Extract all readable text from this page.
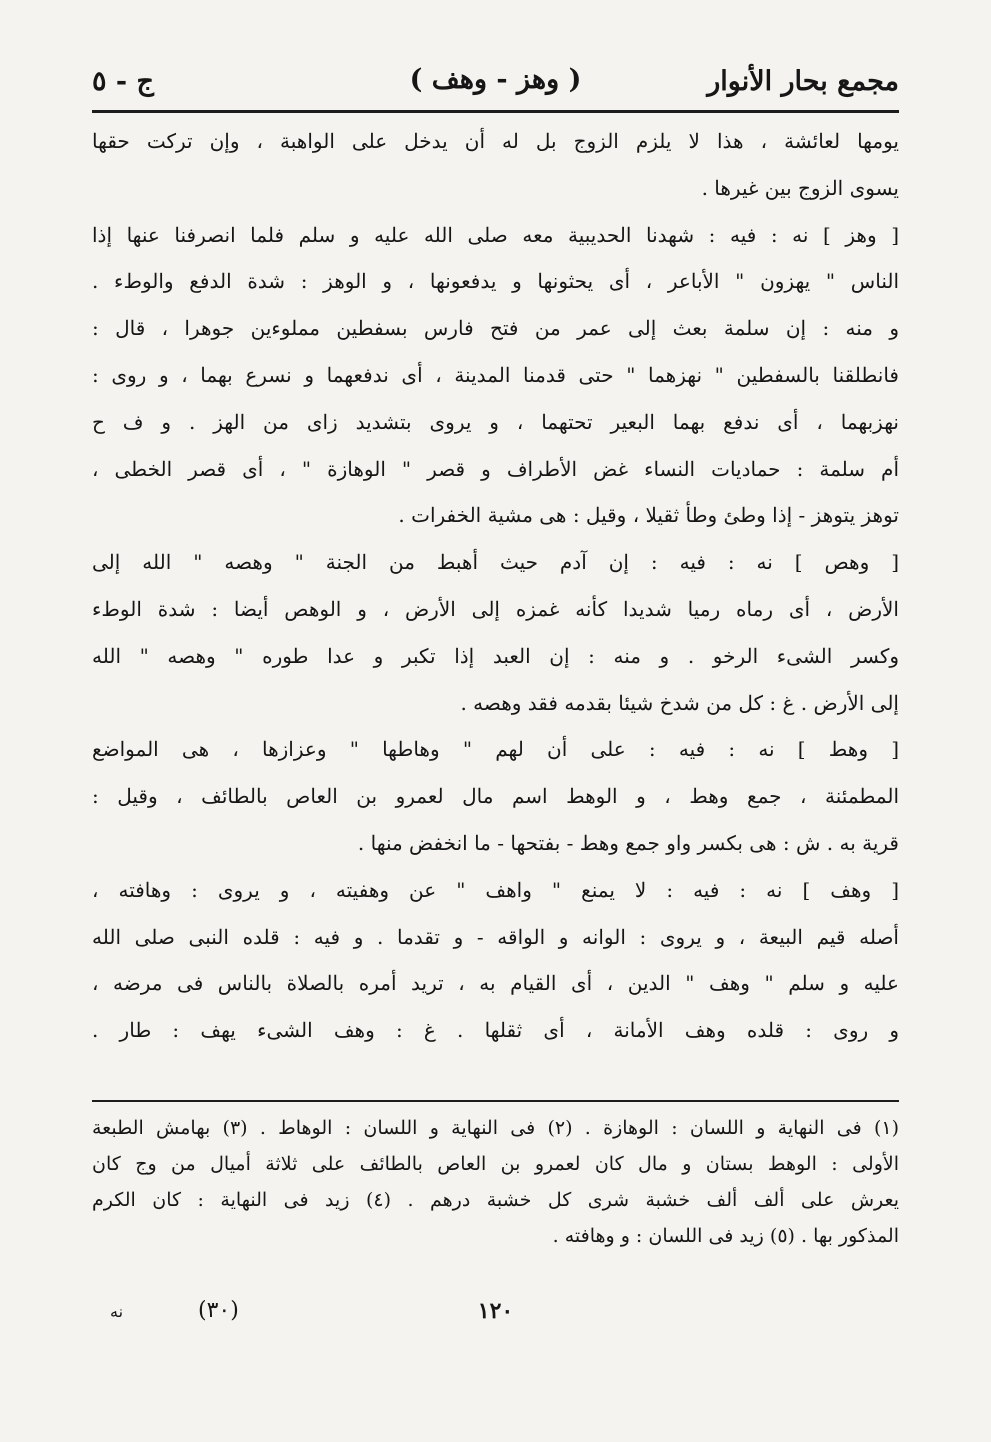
مجمع بحار الأنوار
( وهز - وهف )
ج - ٥
يومها لعائشة ، هذا لا يلزم الزوج بل له أن يدخل على الواهبة ، وإن تركت حقها
يسوى الزوج بين غيرها .
[ وهز ] نه : فيه : شهدنا الحديبية معه صلى الله عليه و سلم فلما انصرفنا عنها إذا
الناس " يهزون " الأباعر ، أى يحثونها و يدفعونها ، و الوهز : شدة الدفع والوطء .
و منه : إن سلمة بعث إلى عمر من فتح فارس بسفطين مملوءين جوهرا ، قال :
فانطلقنا بالسفطين " نهزهما " حتى قدمنا المدينة ، أى ندفعهما و نسرع بهما ، و روى :
نهزبهما ، أى ندفع بهما البعير تحتهما ، و يروى بتشديد زاى من الهز . و ف ح
أم سلمة : حماديات النساء غض الأطراف و قصر " الوهازة " ، أى قصر الخطى ،
توهز يتوهز - إذا وطئ وطأ ثقيلا ، وقيل : هى مشية الخفرات .
[ وهص ] نه : فيه : إن آدم حيث أهبط من الجنة " وهصه " الله إلى
الأرض ، أى رماه رميا شديدا كأنه غمزه إلى الأرض ، و الوهص أيضا : شدة الوطء
وكسر الشىء الرخو . و منه : إن العبد إذا تكبر و عدا طوره " وهصه " الله
إلى الأرض . غ : كل من شدخ شيئا بقدمه فقد وهصه .
[ وهط ] نه : فيه : على أن لهم " وهاطها " وعزازها ، هى المواضع
المطمئنة ، جمع وهط ، و الوهط اسم مال لعمرو بن العاص بالطائف ، وقيل :
قرية به . ش : هى بكسر واو جمع وهط - بفتحها - ما انخفض منها .
[ وهف ] نه : فيه : لا يمنع " واهف " عن وهفيته ، و يروى : وهافته ،
أصله قيم البيعة ، و يروى : الوانه و الواقه - و تقدما . و فيه : قلده النبى صلى الله
عليه و سلم " وهف " الدين ، أى القيام به ، تريد أمره بالصلاة بالناس فى مرضه ،
و روى : قلده وهف الأمانة ، أى ثقلها . غ : وهف الشىء يهف : طار .
(١) فى النهاية و اللسان : الوهازة . (٢) فى النهاية و اللسان : الوهاط . (٣) بهامش الطبعة
الأولى : الوهط بستان و مال كان لعمرو بن العاص بالطائف على ثلاثة أميال من وج كان
يعرش على ألف ألف خشبة شرى كل خشبة درهم . (٤) زيد فى النهاية : كان الكرم
المذكور بها . (٥) زيد فى اللسان : و وهافته .
١٢٠
(٣٠)
نه
